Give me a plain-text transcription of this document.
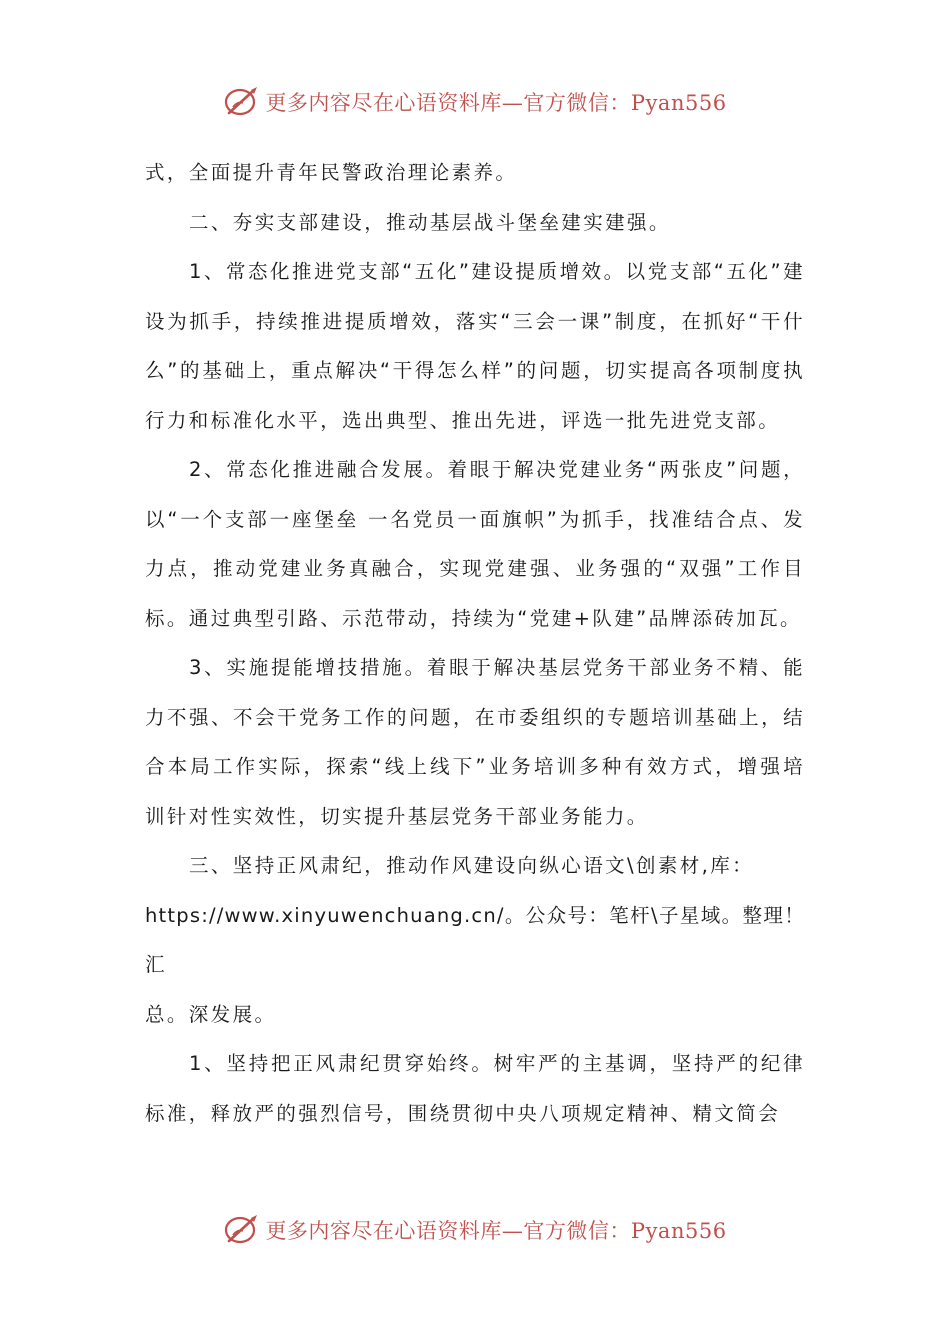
更多内容尽在心语资料库—官方微信：Pyan556

式，全面提升青年民警政治理论素养。

二、夯实支部建设，推动基层战斗堡垒建实建强。

1、常态化推进党支部“五化”建设提质增效。以党支部“五化”建设为抓手，持续推进提质增效，落实“三会一课”制度，在抓好“干什么”的基础上，重点解决“干得怎么样”的问题，切实提高各项制度执行力和标准化水平，选出典型、推出先进，评选一批先进党支部。

2、常态化推进融合发展。着眼于解决党建业务“两张皮”问题，以“一个支部一座堡垒 一名党员一面旗帜”为抓手，找准结合点、发力点，推动党建业务真融合，实现党建强、业务强的“双强”工作目标。通过典型引路、示范带动，持续为“党建+队建”品牌添砖加瓦。

3、实施提能增技措施。着眼于解决基层党务干部业务不精、能力不强、不会干党务工作的问题，在市委组织的专题培训基础上，结合本局工作实际，探索“线上线下”业务培训多种有效方式，增强培训针对性实效性，切实提升基层党务干部业务能力。

三、坚持正风肃纪，推动作风建设向纵心语文\创素材,库：

https://www.xinyuwenchuang.cn/。公众号：笔杆\子星域。整理！汇

总。深发展。

1、坚持把正风肃纪贯穿始终。树牢严的主基调，坚持严的纪律标准，释放严的强烈信号，围绕贯彻中央八项规定精神、精文简会

更多内容尽在心语资料库—官方微信：Pyan556
